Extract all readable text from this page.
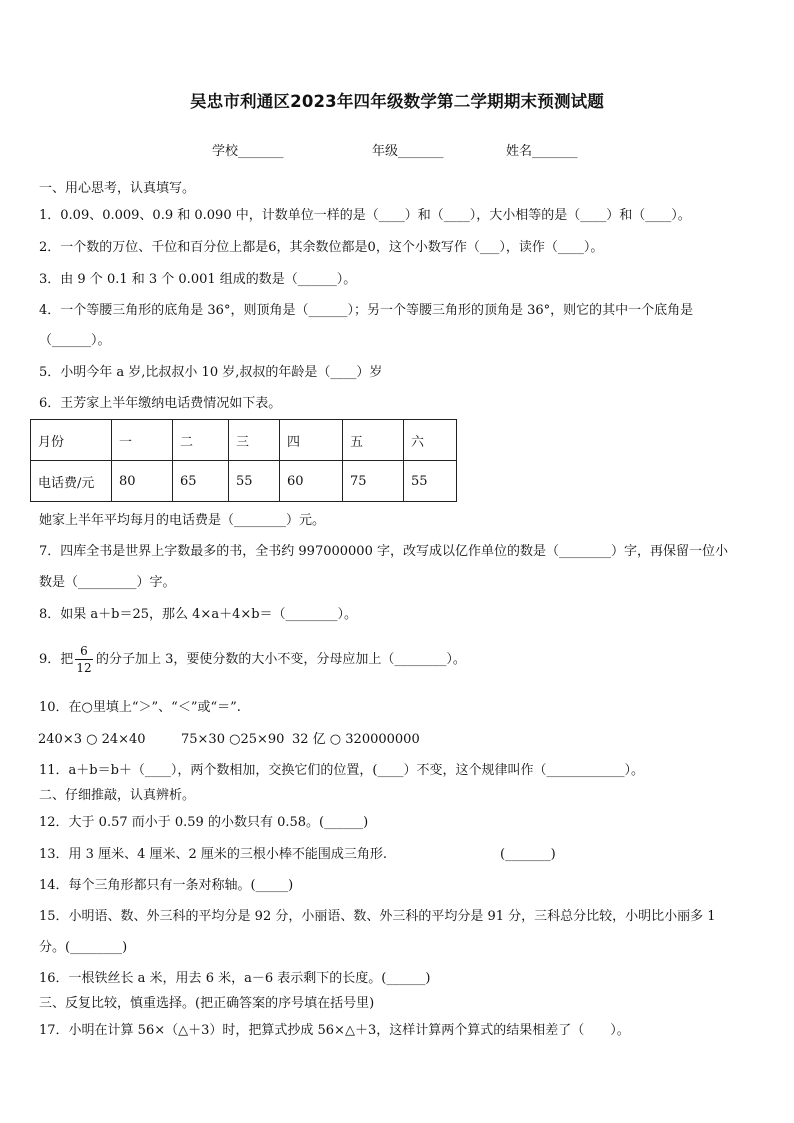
吴忠市利通区2023年四年级数学第二学期期末预测试题
学校_______	年级_______	姓名_______
一、用心思考，认真填写。
1．0.09、0.009、0.9 和 0.090 中，计数单位一样的是（____）和（____），大小相等的是（____）和（____）。
2．一个数的万位、千位和百分位上都是6，其余数位都是0，这个小数写作（___），读作（____）。
3．由 9 个 0.1 和 3 个 0.001 组成的数是（______）。
4．一个等腰三角形的底角是 36°，则顶角是（______）；另一个等腰三角形的顶角是 36°，则它的其中一个底角是
（______）。
5．小明今年 a 岁,比叔叔小 10 岁,叔叔的年龄是（____）岁
6．王芳家上半年缴纳电话费情况如下表。
月份	一	二	三	四	五	六
电话费/元	80	65	55	60	75	55
她家上半年平均每月的电话费是（________）元。
7．四库全书是世界上字数最多的书，全书约 997000000 字，改写成以亿作单位的数是（________）字，再保留一位小
数是（_________）字。
8．如果 a＋b＝25，那么 4×a＋4×b＝（________）。
9．把 $\frac{6}{12}$ 的分子加上 3，要使分数的大小不变，分母应加上（________）。
10．在○里填上“＞”、“＜”或“＝”.
240×3 ○ 24×40	75×30 ○25×90 32 亿 ○ 320000000
11．a＋b＝b＋（____），两个数相加，交换它们的位置，(____）不变，这个规律叫作（____________）。
二、仔细推敲，认真辨析。
12．大于 0.57 而小于 0.59 的小数只有 0.58。(______)
13．用 3 厘米、4 厘米、2 厘米的三根小棒不能围成三角形.	(_______)
14．每个三角形都只有一条对称轴。(_____)
15．小明语、数、外三科的平均分是 92 分，小丽语、数、外三科的平均分是 91 分，三科总分比较，小明比小丽多 1
分。(________)
16．一根铁丝长 a 米，用去 6 米，a－6 表示剩下的长度。(______)
三、反复比较，慎重选择。(把正确答案的序号填在括号里)
17．小明在计算 56×（△＋3）时，把算式抄成 56×△＋3，这样计算两个算式的结果相差了（　　）。
